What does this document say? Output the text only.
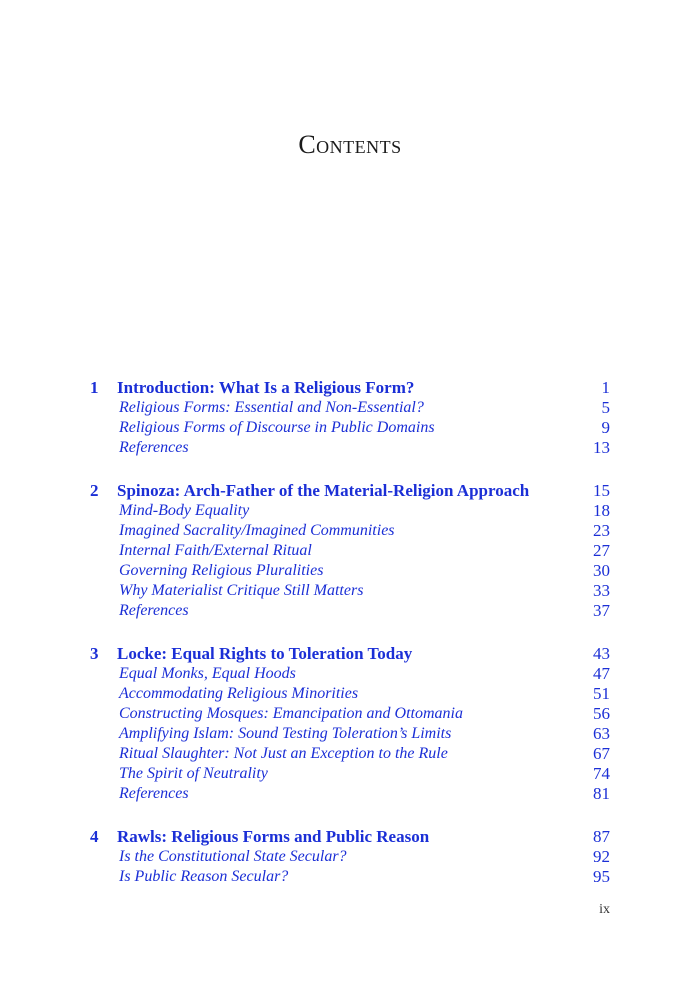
Contents
1 Introduction: What Is a Religious Form?	1
Religious Forms: Essential and Non-Essential?	5
Religious Forms of Discourse in Public Domains	9
References	13
2 Spinoza: Arch-Father of the Material-Religion Approach	15
Mind-Body Equality	18
Imagined Sacrality/Imagined Communities	23
Internal Faith/External Ritual	27
Governing Religious Pluralities	30
Why Materialist Critique Still Matters	33
References	37
3 Locke: Equal Rights to Toleration Today	43
Equal Monks, Equal Hoods	47
Accommodating Religious Minorities	51
Constructing Mosques: Emancipation and Ottomania	56
Amplifying Islam: Sound Testing Toleration’s Limits	63
Ritual Slaughter: Not Just an Exception to the Rule	67
The Spirit of Neutrality	74
References	81
4 Rawls: Religious Forms and Public Reason	87
Is the Constitutional State Secular?	92
Is Public Reason Secular?	95
ix
